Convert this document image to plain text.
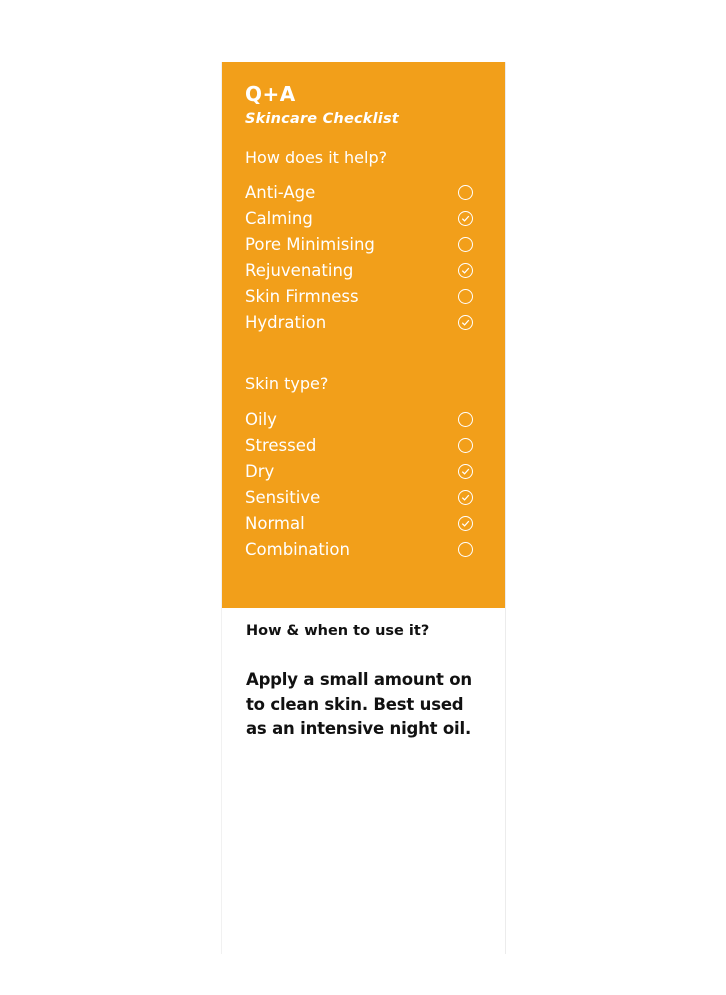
Q+A
Skincare Checklist
How does it help?
Anti-Age
Calming
Pore Minimising
Rejuvenating
Skin Firmness
Hydration
Skin type?
Oily
Stressed
Dry
Sensitive
Normal
Combination
How & when to use it?
Apply a small amount on
to clean skin. Best used
as an intensive night oil.
